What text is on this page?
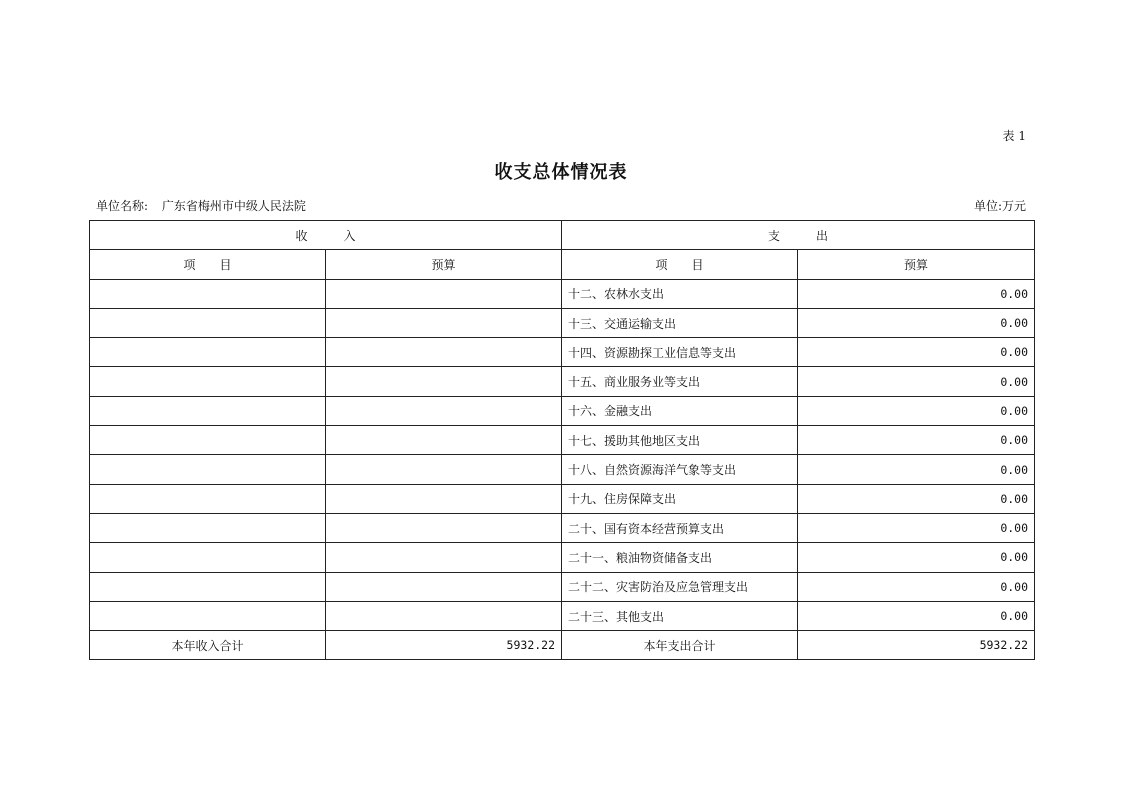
表 1
收支总体情况表
单位名称: 广东省梅州市中级人民法院	单位:万元
收　　　入		支　　　出	
项　　目	预算	项　　目	预算
		十二、农林水支出	0.00
		十三、交通运输支出	0.00
		十四、资源勘探工业信息等支出	0.00
		十五、商业服务业等支出	0.00
		十六、金融支出	0.00
		十七、援助其他地区支出	0.00
		十八、自然资源海洋气象等支出	0.00
		十九、住房保障支出	0.00
		二十、国有资本经营预算支出	0.00
		二十一、粮油物资储备支出	0.00
		二十二、灾害防治及应急管理支出	0.00
		二十三、其他支出	0.00
本年收入合计	5932.22	本年支出合计	5932.22
